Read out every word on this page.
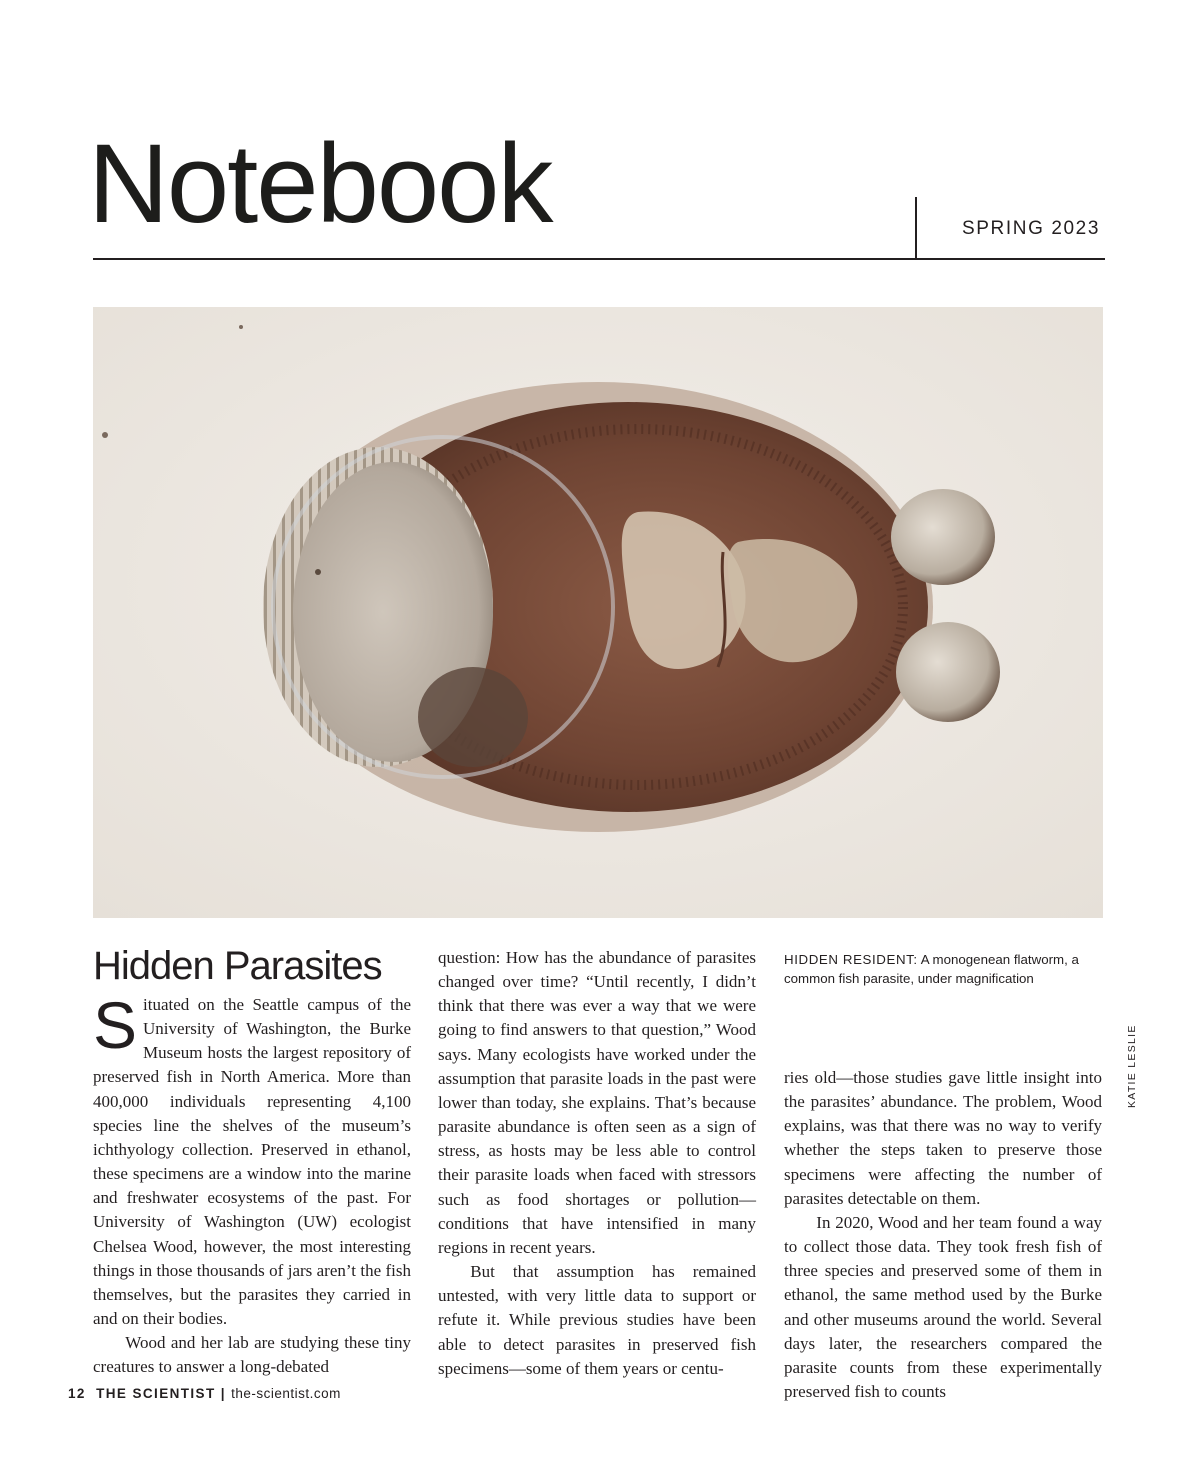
Notebook	SPRING 2023
Hidden Parasites

Situated on the Seattle campus of the University of Washington, the Burke Museum hosts the largest repository of preserved fish in North America. More than 400,000 individuals representing 4,100 species line the shelves of the museum’s ichthyology collection. Preserved in ethanol, these specimens are a window into the marine and freshwater ecosystems of the past. For University of Washington (UW) ecologist Chelsea Wood, however, the most interesting things in those thousands of jars aren’t the fish themselves, but the parasites they carried in and on their bodies.

Wood and her lab are studying these tiny creatures to answer a long-debated

question: How has the abundance of parasites changed over time? “Until recently, I didn’t think that there was ever a way that we were going to find answers to that question,” Wood says. Many ecologists have worked under the assumption that parasite loads in the past were lower than today, she explains. That’s because parasite abundance is often seen as a sign of stress, as hosts may be less able to control their parasite loads when faced with stressors such as food shortages or pollution—conditions that have intensified in many regions in recent years.

But that assumption has remained untested, with very little data to support or refute it. While previous studies have been able to detect parasites in preserved fish specimens—some of them years or centu-

HIDDEN RESIDENT: A monogenean flatworm, a common fish parasite, under magnification

ries old—those studies gave little insight into the parasites’ abundance. The problem, Wood explains, was that there was no way to verify whether the steps taken to preserve those specimens were affecting the number of parasites detectable on them.

In 2020, Wood and her team found a way to collect those data. They took fresh fish of three species and preserved some of them in ethanol, the same method used by the Burke and other museums around the world. Several days later, the researchers compared the parasite counts from these experimentally preserved fish to counts

KATIE LESLIE
12 THE SCIENTIST | the-scientist.com
